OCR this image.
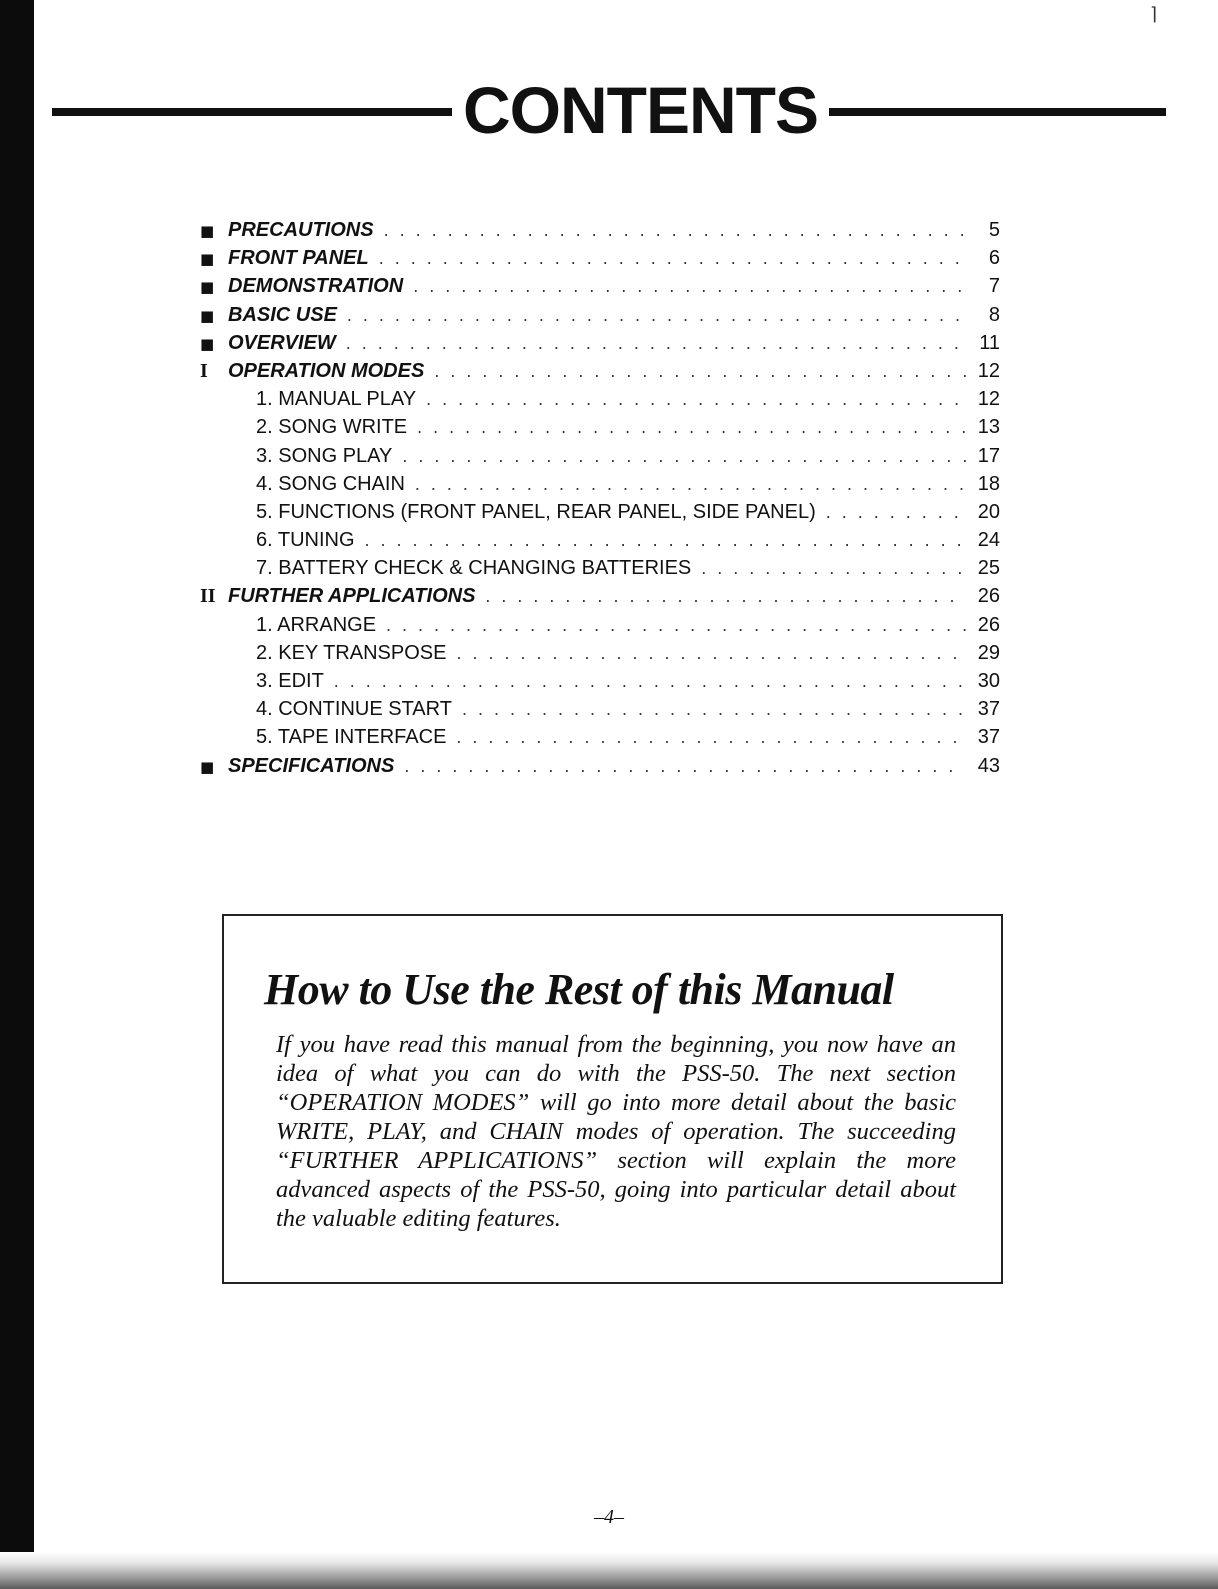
⌉
CONTENTS
■ PRECAUTIONS . . .	5
■ FRONT PANEL . . .	6
■ DEMONSTRATION . . .	7
■ BASIC USE . . .	8
■ OVERVIEW . . .	11
I	OPERATION MODES . . .	12
1. MANUAL PLAY . . .	12
2. SONG WRITE . . .	13
3. SONG PLAY . . .	17
4. SONG CHAIN . . .	18
5. FUNCTIONS (FRONT PANEL, REAR PANEL, SIDE PANEL) . . .	20
6. TUNING . . .	24
7. BATTERY CHECK & CHANGING BATTERIES . . .	25
II FURTHER APPLICATIONS . . .	26
1. ARRANGE . . .	26
2. KEY TRANSPOSE . . .	29
3. EDIT . . .	30
4. CONTINUE START . . .	37
5. TAPE INTERFACE . . .	37
■ SPECIFICATIONS . . .	43
How to Use the Rest of this Manual
If you have read this manual from the beginning, you now have an idea of what you can do with the PSS-50. The next section “OPERATION MODES” will go into more detail about the basic WRITE, PLAY, and CHAIN modes of operation. The succeeding “FURTHER APPLICATIONS” section will explain the more advanced aspects of the PSS-50, going into particular detail about the valuable editing features.
–4–
